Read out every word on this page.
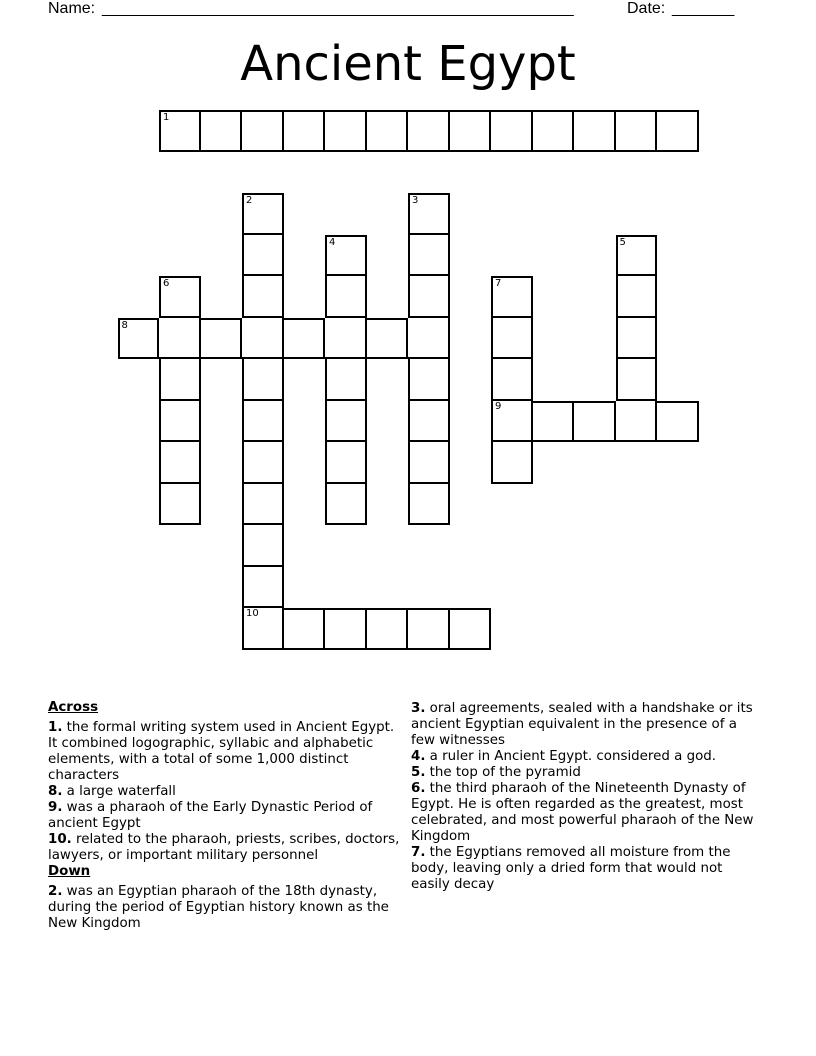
Name: _____________________________________________________	Date: _______
Ancient Egypt
1
2
10
3
4	5
6	7
9
8
Across

1. the formal writing system used in Ancient Egypt. It combined logographic, syllabic and alphabetic elements, with a total of some 1,000 distinct characters

8. a large waterfall

9. was a pharaoh of the Early Dynastic Period of ancient Egypt

10. related to the pharaoh, priests, scribes, doctors, lawyers, or important military personnel

Down

2. was an Egyptian pharaoh of the 18th dynasty, during the period of Egyptian history known as the New Kingdom

3. oral agreements, sealed with a handshake or its ancient Egyptian equivalent in the presence of a few witnesses

4. a ruler in Ancient Egypt. considered a god.

5. the top of the pyramid

6. the third pharaoh of the Nineteenth Dynasty of Egypt. He is often regarded as the greatest, most celebrated, and most powerful pharaoh of the New Kingdom

7. the Egyptians removed all moisture from the body, leaving only a dried form that would not easily decay
